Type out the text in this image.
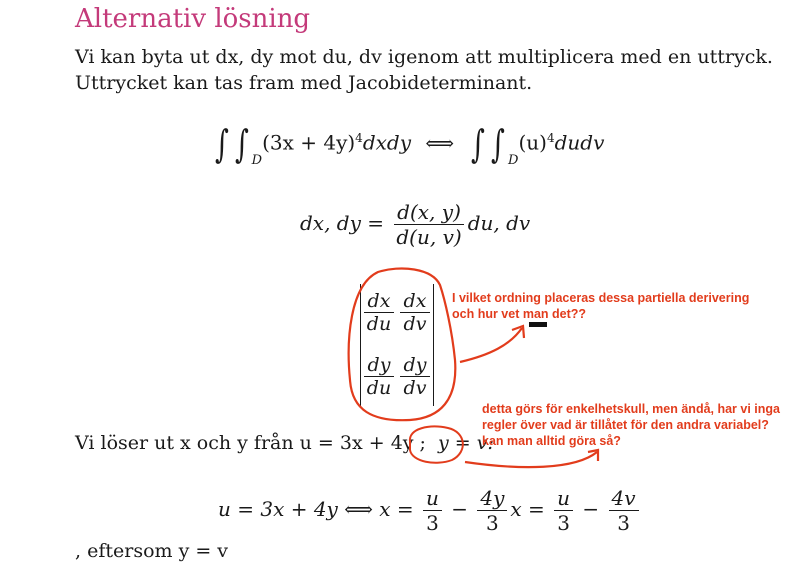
Alternativ lösning
Vi kan byta ut dx, dy mot du, dv igenom att multiplicera med en uttryck.
Uttrycket kan tas fram med Jacobideterminant.
∫ ∫ $_D(3x + 4y)^4dxdy$ ⟺ ∫ ∫ $_D(u)^4dudv$
dx, dy = $\frac{d(x, y)}{d(u, v)}$ du, dv
$\frac{dx}{du} \frac{dx}{dv}$
$\frac{dy}{du} \frac{dy}{dv}$
Vi löser ut x och y från u = 3x + 4y ; y = v:
u = 3x + 4y ⟺ $x = \frac{u}{3} - \frac{4y}{3}$ $x = \frac{u}{3} - \frac{4v}{3}$
, eftersom y = v
I vilket ordning placeras dessa partiella derivering
och hur vet man det??
detta görs för enkelhetskull, men ändå, har vi inga
regler över vad är tillåtet för den andra variabel?
kan man alltid göra så?
